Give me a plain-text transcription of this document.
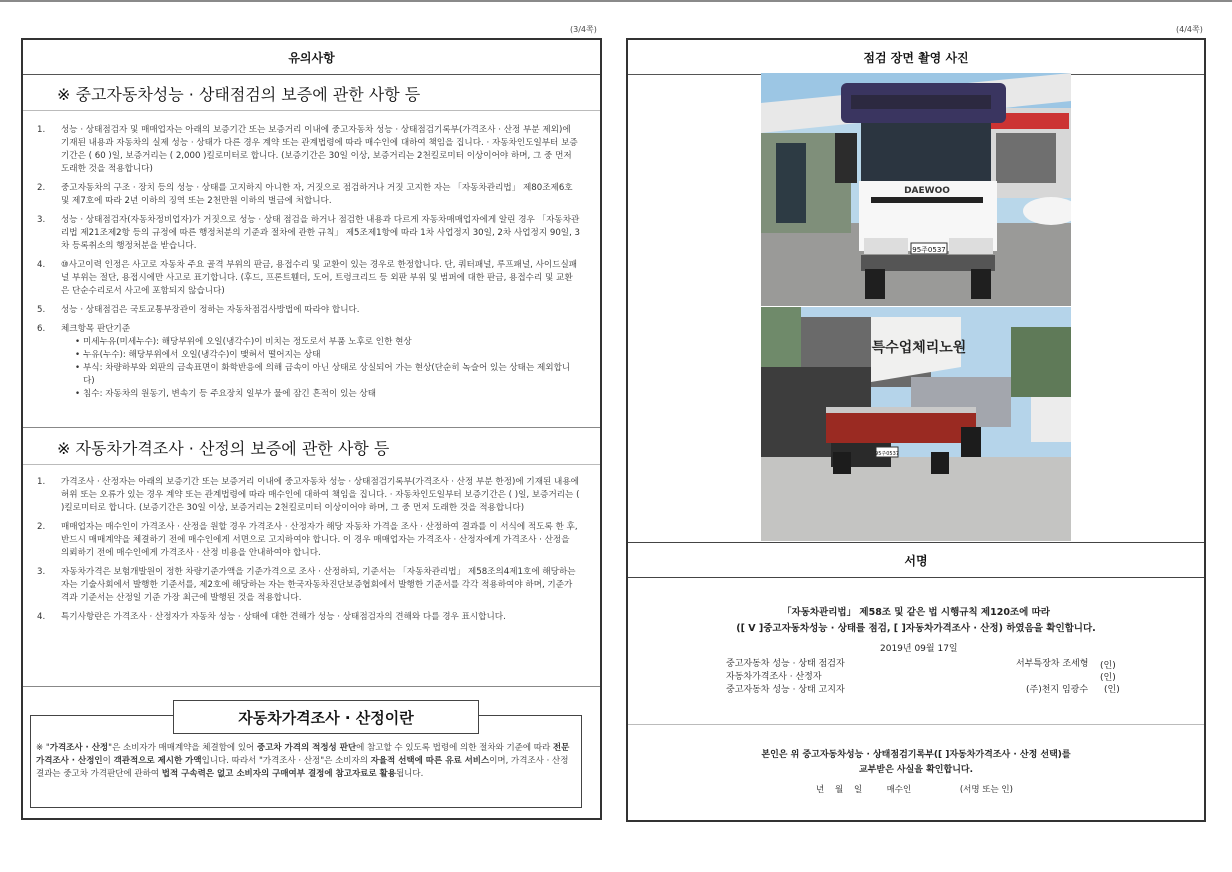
(3/4쪽)	(4/4쪽)
유의사항
※ 중고자동차성능 · 상태점검의 보증에 관한 사항 등
1. 성능 · 상태점검자 및 매매업자는 아래의 보증기간 또는 보증거리 이내에 중고자동차 성능 · 상태점검기록부(가격조사 · 산정 부분 제외)에 기재된 내용과 자동차의 실제 성능 · 상태가 다른 경우 계약 또는 관계법령에 따라 매수인에 대하여 책임을 집니다. · 자동차인도일부터 보증기간은 ( 60 )일, 보증거리는 ( 2,000 )킬로미터로 합니다. (보증기간은 30일 이상, 보증거리는 2천킬로미터 이상이어야 하며, 그 중 먼저 도래한 것을 적용합니다)
2. 중고자동차의 구조 · 장치 등의 성능 · 상태를 고지하지 아니한 자, 거짓으로 점검하거나 거짓 고지한 자는 「자동차관리법」 제80조제6호 및 제7호에 따라 2년 이하의 징역 또는 2천만원 이하의 벌금에 처합니다.
3. 성능 · 상태점검자(자동차정비업자)가 거짓으로 성능 · 상태 점검을 하거나 점검한 내용과 다르게 자동차매매업자에게 알린 경우 「자동차관리법 제21조제2항 등의 규정에 따른 행정처분의 기준과 절차에 관한 규칙」 제5조제1항에 따라 1차 사업정지 30일, 2차 사업정지 90일, 3차 등록취소의 행정처분을 받습니다.
4. ⑩사고이력 인정은 사고로 자동차 주요 골격 부위의 판금, 용접수리 및 교환이 있는 경우로 한정합니다. 단, 쿼터패널, 루프패널, 사이드실패널 부위는 절단, 용접시에만 사고로 표기합니다. (후드, 프론트휀더, 도어, 트렁크리드 등 외판 부위 및 범퍼에 대한 판금, 용접수리 및 교환은 단순수리로서 사고에 포함되지 않습니다)
5. 성능 · 상태점검은 국토교통부장관이 정하는 자동차점검사방법에 따라야 합니다.
6. 체크항목 판단기준
• 미세누유(미세누수): 해당부위에 오일(냉각수)이 비치는 정도로서 부품 노후로 인한 현상
• 누유(누수): 해당부위에서 오일(냉각수)이 맺혀서 떨어지는 상태
• 부식: 차량하부와 외판의 금속표면이 화학반응에 의해 금속이 아닌 상태로 상실되어 가는 현상(단순히 녹슬어 있는 상태는 제외합니다)
• 침수: 자동차의 원동기, 변속기 등 주요장치 일부가 물에 잠긴 흔적이 있는 상태
※ 자동차가격조사 · 산정의 보증에 관한 사항 등
1. 가격조사 · 산정자는 아래의 보증기간 또는 보증거리 이내에 중고자동차 성능 · 상태점검기록부(가격조사 · 산정 부분 한정)에 기재된 내용에 허위 또는 오류가 있는 경우 계약 또는 관계법령에 따라 매수인에 대하여 책임을 집니다. · 자동차인도일부터 보증기간은 ( )일, 보증거리는 ( )킬로미터로 합니다. (보증기간은 30일 이상, 보증거리는 2천킬로미터 이상이어야 하며, 그 중 먼저 도래한 것을 적용합니다)
2. 매매업자는 매수인이 가격조사 · 산정을 원할 경우 가격조사 · 산정자가 해당 자동차 가격을 조사 · 산정하여 결과를 이 서식에 적도록 한 후, 반드시 매매계약을 체결하기 전에 매수인에게 서면으로 고지하여야 합니다. 이 경우 매매업자는 가격조사 · 산정자에게 가격조사 · 산정을 의뢰하기 전에 매수인에게 가격조사 · 산정 비용을 안내하여야 합니다.
3. 자동차가격은 보험개발원이 정한 차량기준가액을 기준가격으로 조사 · 산정하되, 기준서는 「자동차관리법」 제58조의4제1호에 해당하는 자는 기술사회에서 발행한 기준서를, 제2호에 해당하는 자는 한국자동차진단보증협회에서 발행한 기준서를 각각 적용하여야 하며, 기준가격과 기준서는 산정일 기준 가장 최근에 발행된 것을 적용합니다.
4. 특기사항란은 가격조사 · 산정자가 자동차 성능 · 상태에 대한 견해가 성능 · 상태점검자의 견해와 다를 경우 표시합니다.
자동차가격조사 · 산정이란
※ "가격조사 · 산정"은 소비자가 매매계약을 체결함에 있어 중고차 가격의 적정성 판단에 참고할 수 있도록 법령에 의한 절차와 기준에 따라 전문 가격조사 · 산정인이 객관적으로 제시한 가액입니다. 따라서 "가격조사 · 산정"은 소비자의 자율적 선택에 따른 유료 서비스이며, 가격조사 · 산정 결과는 중고차 가격판단에 관하여 법적 구속력은 없고 소비자의 구매여부 결정에 참고자료로 활용됩니다.
점검 장면 촬영 사진
서명
DAEWOO
95주0537
특수업체리노원
95주0537
「자동차관리법」 제58조 및 같은 법 시행규칙 제120조에 따라
([ V ]중고자동차성능 · 상태를 점검, [ ]자동차가격조사 · 산정) 하였음을 확인합니다.
2019년 09월 17일
중고자동차 성능 · 상태 점검자	서부특장차 조세형 (인)
자동차가격조사 · 산정자	(인)
중고자동차 성능 · 상태 고지자	(주)천지 임광수 (인)
본인은 위 중고자동차성능 · 상태점검기록부([ ]자동차가격조사 · 산정 선택)를
교부받은 사실을 확인합니다.
년    월    일         매수인                  (서명 또는 인)
